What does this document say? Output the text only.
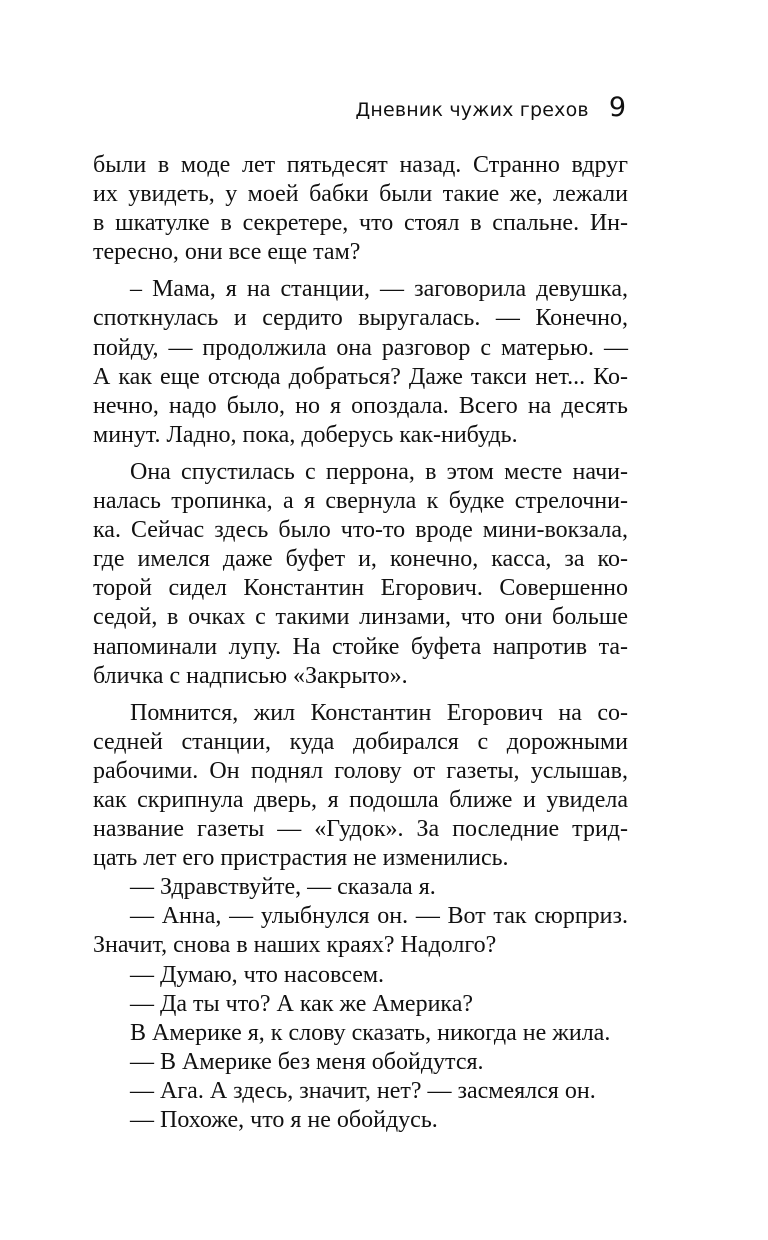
Дневник чужих грехов 9
были в моде лет пятьдесят назад. Странно вдруг
их увидеть, у моей бабки были такие же, лежали
в шкатулке в секретере, что стоял в спальне. Ин-
тересно, они все еще там?
– Мама, я на станции, — заговорила девушка,
споткнулась и сердито выругалась. — Конечно,
пойду, — продолжила она разговор с матерью. —
А как еще отсюда добраться? Даже такси нет... Ко-
нечно, надо было, но я опоздала. Всего на десять
минут. Ладно, пока, доберусь как-нибудь.
Она спустилась с перрона, в этом месте начи-
налась тропинка, а я свернула к будке стрелочни-
ка. Сейчас здесь было что-то вроде мини-вокзала,
где имелся даже буфет и, конечно, касса, за ко-
торой сидел Константин Егорович. Совершенно
седой, в очках с такими линзами, что они больше
напоминали лупу. На стойке буфета напротив та-
бличка с надписью «Закрыто».
Помнится, жил Константин Егорович на со-
седней станции, куда добирался с дорожными
рабочими. Он поднял голову от газеты, услышав,
как скрипнула дверь, я подошла ближе и увидела
название газеты — «Гудок». За последние трид-
цать лет его пристрастия не изменились.
— Здравствуйте, — сказала я.
— Анна, — улыбнулся он. — Вот так сюрприз.
Значит, снова в наших краях? Надолго?
— Думаю, что насовсем.
— Да ты что? А как же Америка?
В Америке я, к слову сказать, никогда не жила.
— В Америке без меня обойдутся.
— Ага. А здесь, значит, нет? — засмеялся он.
— Похоже, что я не обойдусь.
